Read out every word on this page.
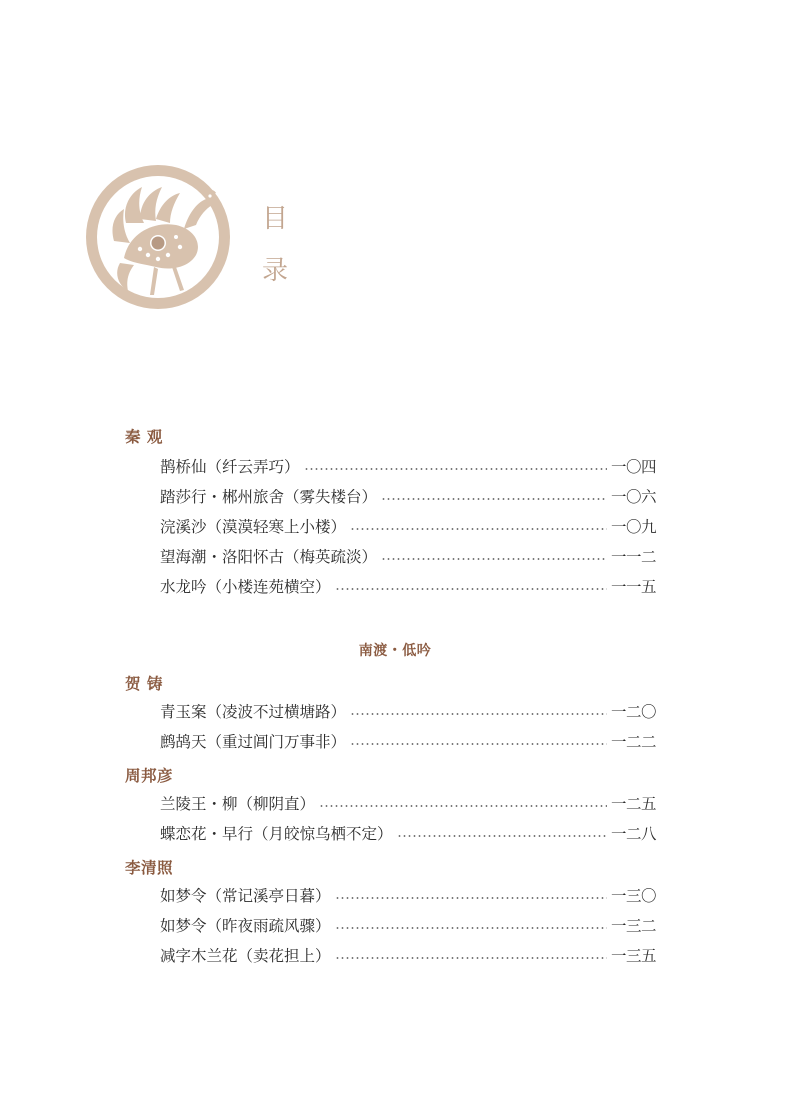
目
录
秦 观
鹊桥仙（纤云弄巧）	一〇四
踏莎行・郴州旅舍（雾失楼台）	一〇六
浣溪沙（漠漠轻寒上小楼）	一〇九
望海潮・洛阳怀古（梅英疏淡）	一一二
水龙吟（小楼连苑横空）	一一五
南渡・低吟
贺 铸
青玉案（凌波不过横塘路）	一二〇
鹧鸪天（重过阊门万事非）	一二二
周邦彦
兰陵王・柳（柳阴直）	一二五
蝶恋花・早行（月皎惊乌栖不定）	一二八
李清照
如梦令（常记溪亭日暮）	一三〇
如梦令（昨夜雨疏风骤）	一三二
减字木兰花（卖花担上）	一三五
